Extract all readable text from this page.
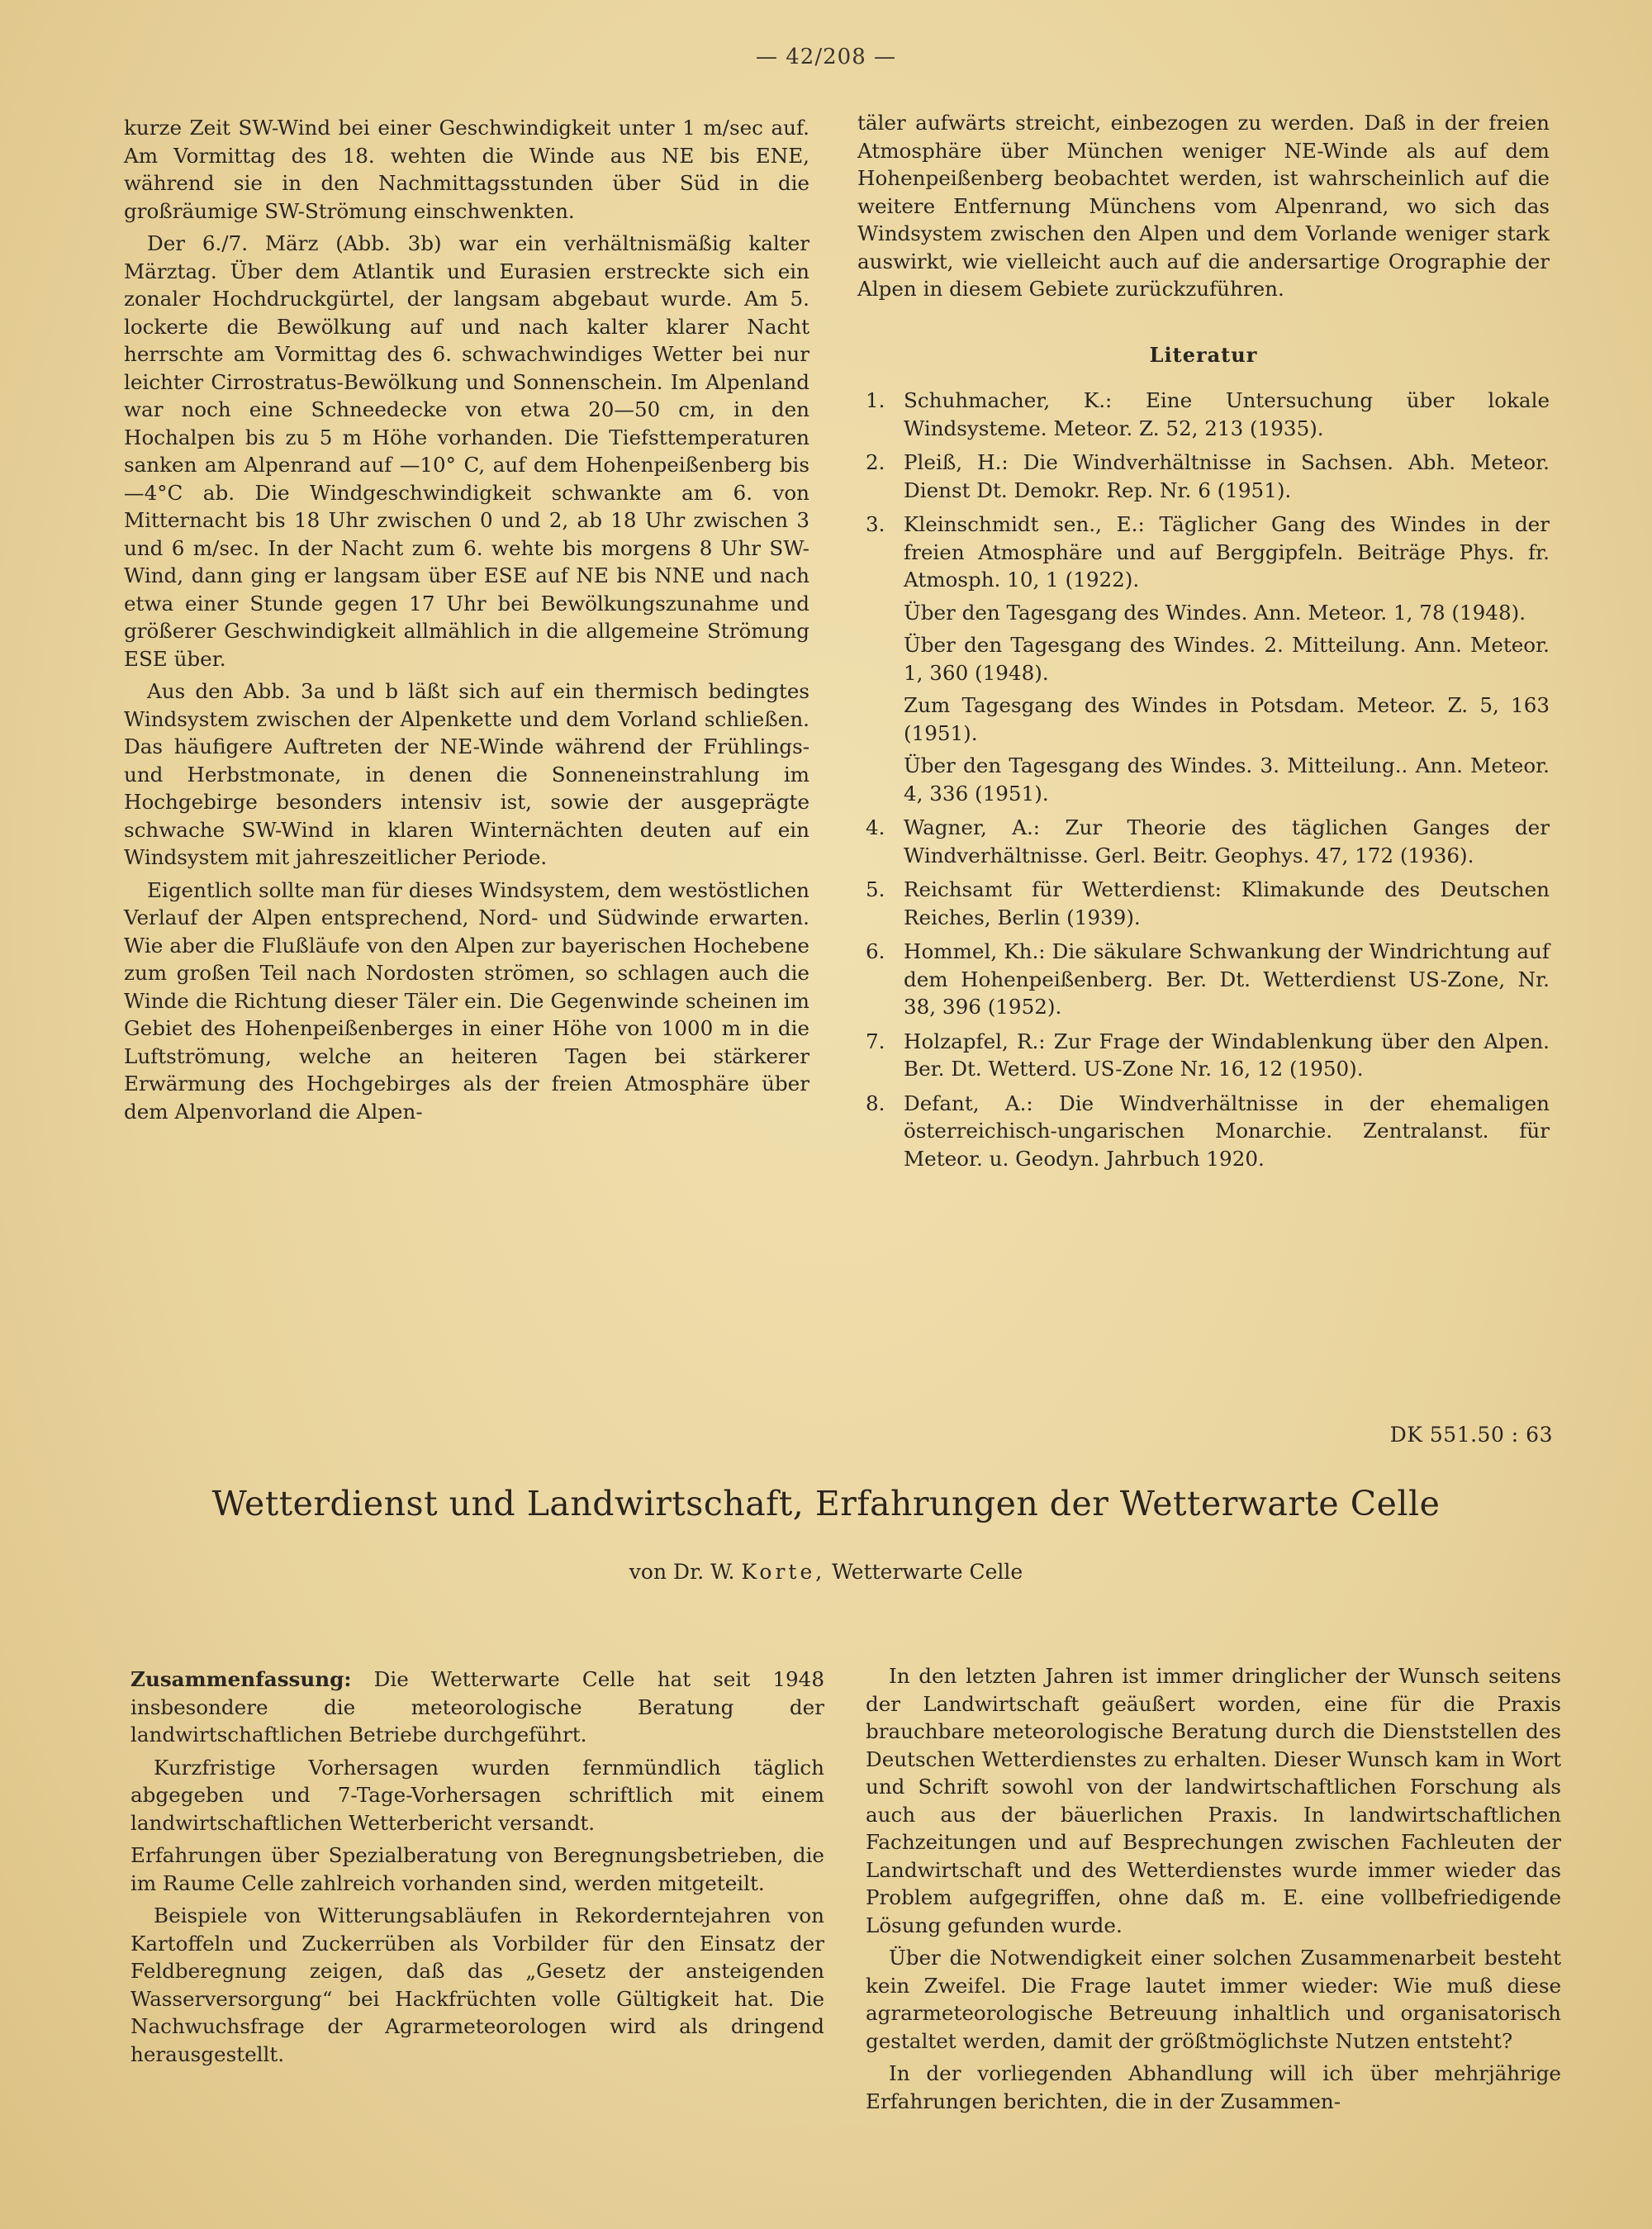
— 42/208 —

kurze Zeit SW-Wind bei einer Geschwindigkeit unter 1 m/sec auf. Am Vormittag des 18. wehten die Winde aus NE bis ENE, während sie in den Nachmittagsstunden über Süd in die großräumige SW-Strömung einschwenkten.

Der 6./7. März (Abb. 3b) war ein verhältnismäßig kalter Märztag. Über dem Atlantik und Eurasien erstreckte sich ein zonaler Hochdruckgürtel, der langsam abgebaut wurde. Am 5. lockerte die Bewölkung auf und nach kalter klarer Nacht herrschte am Vormittag des 6. schwachwindiges Wetter bei nur leichter Cirrostratus-Bewölkung und Sonnenschein. Im Alpenland war noch eine Schneedecke von etwa 20—50 cm, in den Hochalpen bis zu 5 m Höhe vorhanden. Die Tiefsttemperaturen sanken am Alpenrand auf —10° C, auf dem Hohenpeißenberg bis —4°C ab. Die Windgeschwindigkeit schwankte am 6. von Mitternacht bis 18 Uhr zwischen 0 und 2, ab 18 Uhr zwischen 3 und 6 m/sec. In der Nacht zum 6. wehte bis morgens 8 Uhr SW-Wind, dann ging er langsam über ESE auf NE bis NNE und nach etwa einer Stunde gegen 17 Uhr bei Bewölkungszunahme und größerer Geschwindigkeit allmählich in die allgemeine Strömung ESE über.

Aus den Abb. 3a und b läßt sich auf ein thermisch bedingtes Windsystem zwischen der Alpenkette und dem Vorland schließen. Das häufigere Auftreten der NE-Winde während der Frühlings- und Herbstmonate, in denen die Sonneneinstrahlung im Hochgebirge besonders intensiv ist, sowie der ausgeprägte schwache SW-Wind in klaren Winternächten deuten auf ein Windsystem mit jahreszeitlicher Periode.

Eigentlich sollte man für dieses Windsystem, dem westöstlichen Verlauf der Alpen entsprechend, Nord- und Südwinde erwarten. Wie aber die Flußläufe von den Alpen zur bayerischen Hochebene zum großen Teil nach Nordosten strömen, so schlagen auch die Winde die Richtung dieser Täler ein. Die Gegenwinde scheinen im Gebiet des Hohenpeißenberges in einer Höhe von 1000 m in die Luftströmung, welche an heiteren Tagen bei stärkerer Erwärmung des Hochgebirges als der freien Atmosphäre über dem Alpenvorland die Alpen-

täler aufwärts streicht, einbezogen zu werden. Daß in der freien Atmosphäre über München weniger NE-Winde als auf dem Hohenpeißenberg beobachtet werden, ist wahrscheinlich auf die weitere Entfernung Münchens vom Alpenrand, wo sich das Windsystem zwischen den Alpen und dem Vorlande weniger stark auswirkt, wie vielleicht auch auf die andersartige Orographie der Alpen in diesem Gebiete zurückzuführen.

Literatur
1. Schuhmacher, K.: Eine Untersuchung über lokale Windsysteme. Meteor. Z. 52, 213 (1935).

2. Pleiß, H.: Die Windverhältnisse in Sachsen. Abh. Meteor. Dienst Dt. Demokr. Rep. Nr. 6 (1951).

3. Kleinschmidt sen., E.: Täglicher Gang des Windes in der freien Atmosphäre und auf Berggipfeln. Beiträge Phys. fr. Atmosph. 10, 1 (1922).

Über den Tagesgang des Windes. Ann. Meteor. 1, 78 (1948).

Über den Tagesgang des Windes. 2. Mitteilung. Ann. Meteor. 1, 360 (1948).

Zum Tagesgang des Windes in Potsdam. Meteor. Z. 5, 163 (1951).

Über den Tagesgang des Windes. 3. Mitteilung.. Ann. Meteor. 4, 336 (1951).

4. Wagner, A.: Zur Theorie des täglichen Ganges der Windverhältnisse. Gerl. Beitr. Geophys. 47, 172 (1936).

5. Reichsamt für Wetterdienst: Klimakunde des Deutschen Reiches, Berlin (1939).

6. Hommel, Kh.: Die säkulare Schwankung der Windrichtung auf dem Hohenpeißenberg. Ber. Dt. Wetterdienst US-Zone, Nr. 38, 396 (1952).

7. Holzapfel, R.: Zur Frage der Windablenkung über den Alpen. Ber. Dt. Wetterd. US-Zone Nr. 16, 12 (1950).

8. Defant, A.: Die Windverhältnisse in der ehemaligen österreichisch-ungarischen Monarchie. Zentralanst. für Meteor. u. Geodyn. Jahrbuch 1920.

DK 551.50 : 63
Wetterdienst und Landwirtschaft, Erfahrungen der Wetterwarte Celle
von Dr. W. Korte, Wetterwarte Celle

Zusammenfassung: Die Wetterwarte Celle hat seit 1948 insbesondere die meteorologische Beratung der landwirtschaftlichen Betriebe durchgeführt.

Kurzfristige Vorhersagen wurden fernmündlich täglich abgegeben und 7-Tage-Vorhersagen schriftlich mit einem landwirtschaftlichen Wetterbericht versandt.

Erfahrungen über Spezialberatung von Beregnungsbetrieben, die im Raume Celle zahlreich vorhanden sind, werden mitgeteilt.

Beispiele von Witterungsabläufen in Rekorderntejahren von Kartoffeln und Zuckerrüben als Vorbilder für den Einsatz der Feldberegnung zeigen, daß das „Gesetz der ansteigenden Wasserversorgung“ bei Hackfrüchten volle Gültigkeit hat. Die Nachwuchsfrage der Agrarmeteorologen wird als dringend herausgestellt.

In den letzten Jahren ist immer dringlicher der Wunsch seitens der Landwirtschaft geäußert worden, eine für die Praxis brauchbare meteorologische Beratung durch die Dienststellen des Deutschen Wetterdienstes zu erhalten. Dieser Wunsch kam in Wort und Schrift sowohl von der landwirtschaftlichen Forschung als auch aus der bäuerlichen Praxis. In landwirtschaftlichen Fachzeitungen und auf Besprechungen zwischen Fachleuten der Landwirtschaft und des Wetterdienstes wurde immer wieder das Problem aufgegriffen, ohne daß m. E. eine vollbefriedigende Lösung gefunden wurde.

Über die Notwendigkeit einer solchen Zusammenarbeit besteht kein Zweifel. Die Frage lautet immer wieder: Wie muß diese agrarmeteorologische Betreuung inhaltlich und organisatorisch gestaltet werden, damit der größtmöglichste Nutzen entsteht?

In der vorliegenden Abhandlung will ich über mehrjährige Erfahrungen berichten, die in der Zusammen-
